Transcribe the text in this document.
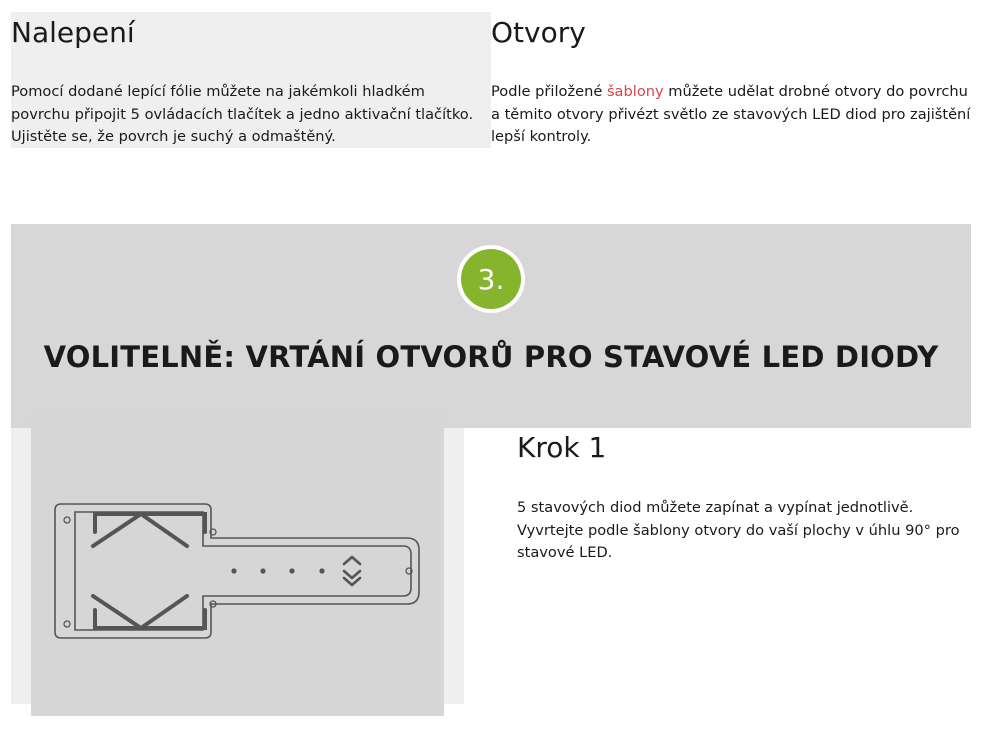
Nalepení

Pomocí dodané lepící fólie můžete na jakémkoli hladkém
povrchu připojit 5 ovládacích tlačítek a jedno aktivační tlačítko.
Ujistěte se, že povrch je suchý a odmaštěný.

Otvory

Podle přiložené šablony můžete udělat drobné otvory do povrchu
a těmito otvory přivézt světlo ze stavových LED diod pro zajištění
lepší kontroly.

3.
VOLITELNĚ: VRTÁNÍ OTVORŮ PRO STAVOVÉ LED DIODY
Krok 1

5 stavových diod můžete zapínat a vypínat jednotlivě.
Vyvrtejte podle šablony otvory do vaší plochy v úhlu 90° pro
stavové LED.
